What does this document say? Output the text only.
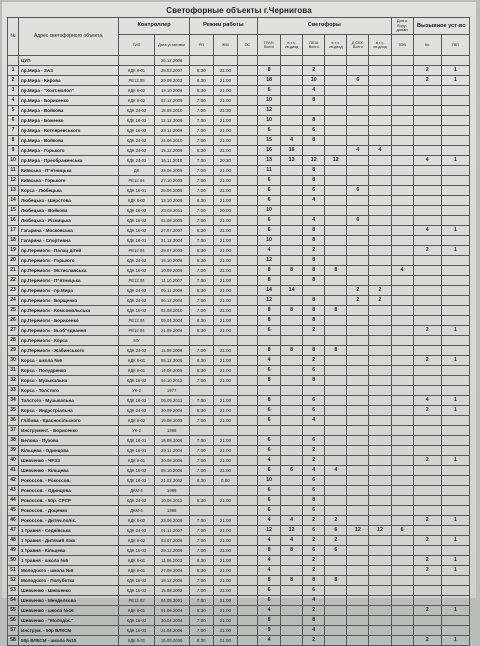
Светофорные объекты г.Чернигова
№	Адрес светофорного объекта.	Контроллер		Режим работы			Светофоры						Доп.о бору- дован	Вызывное уст-во	
		ТИП	Дата установки	РП	ЖМ	ОС	ТРАН. Всего	в т.ч. св.диод	ПЕШ Всего	в т.ч. св.диод	Д.СЕК. Всего	в т.ч. св.диод	ТОВ	Кн	ТВП
	ЦУП		26.12.2008												
1	пр.Мира - ЗАЗ	КДК 8-01	28.03.2007	6:30	21:00		8		2					2	1
2	пр.Мира - Кирова	РЕ12.05	29.09.2003	6:30	21:00		18		10		6			2	1
3	пр.Мира - "Хозт.молол"	КДК 8-02	13.10.2008	6:30	21:00		6		4						
4	пр.Мира - Борисенко	КДК 8-02	02.12.2009	7:00	21:00		10		8						
5	пр.Мира - Войкова	КДК 24-02	18.05.2010	7:00	21:30		12								
6	пр.Мира - Боженко	КДК 16-02	12.12.2009	7:00	21:00		10		8						
7	пр.Мира - Котляревського	КДК 16-02	23.11.2009	7:00	21:00		6		6						
8	пр.Мира - Войкова	КДК 24-02	24.06.2010	7:00	21:00		15	4	8						
9	пр.Мира - Горького	КДК 24-02	15.12.2009	6:30	21:00		16	16			4	4			
10	пр.Мира - Преображенська	КДК 24-02	16.11.2010	7:00	20:30		13	13	12	12				4	1
11	Київська - П"ятницька	ДК	23.06.2005	7:00	21:00		11		8						
12	Київська - Горького	РЕ12.04	27.10.2003	7:00	21:00		6		8						
13	Корса - Любецька	КДК 16-01	25.06.2005	7:00	21:00		6		6		6				
14	Любецька - Шерстова	КДК 8-02	13.10.2008	6:30	21:00		6		4						
15	Любецька - Войкова	КДК 16-02	23.03.2011	7:00	20:00		10								
16	Любецька - Рiзницька	КДК 16-02	02.08.2005	7:00	21:00		6		4		6				
17	Гагарина - Московська	КДК 16-02	27.07.2007	6:30	21:00		6		8					4	1
18	Гагарина - Спортивна	КДК 16-01	31.12.2004	7:00	21:00		10		8						
19	пр.Перемоги - Палац дiтей	РЕ12.04	28.07.2003	6:30	21:00		4		2					2	1
20	пр.Перемоги - Горького	КДК 24-02	15.10.2008	6:30	21:00		12		8						
21	пр.Перемоги - Мстиславська	КДК 16-02	10.09.2009	7:00	21:00		8	8	8	8			4		
22	пр.Перемоги - П"ятницька	РЕ12.04	11.10.2007	7:00	21:00		8		8						
23	пр.Перемоги - пр.Мира	КДК 24-02	05.11.2008	6:30	21:00		14	14			2	2			
24	пр.Перемоги - Борщенко	КДК 24-02	06.12.2004	7:00	21:00		12		8		2	2			
25	пр.Перемоги - Комсомольська	КДК 16-02	02.08.2010	7:00	21:00		8	8	8	8					
26	пр.Перемоги - Борисенко	РЕ12.04	09.04.2004	6:30	21:00		8		8						
27	пр.Перемоги - Ів.об"єднання	РЕ12.04	21.05.2004	6:30	21:00		6		2					2	1
28	пр.Перемоги - Корса	МУ													
29	пр.Перемоги - Жабинського	КДК 24-02	11.09.2008	7:00	21:00		8	8	8	8					
30	Корса - школа №6	КДК 8-01	05.12.2005	6:30	21:00		4		2					2	1
31	Корса - Полудренко	КДК 8-01	14.04.2005	6:30	21:00		6		6						
32	Корса - Музыкальна	КДК 16-02	04.10.2012	7:00	21:00		8		8						
33	Корса - Толстого	УК-2	1977												
34	Толстого - Музыкальна	КДК 16-02	05.05.2011	7:00	21:00		8		6					4	1
35	Корса - Индустрiальна	КДК 24-02	30.09.2004	6:30	21:00		6		6					2	1
36	Глiбова - Красносiльского	КДК 8-02	19.08.2003	7:00	21:00		6		4						
37	Инструмент. - Борисенко	УК-2	1988												
38	Белова - Пухова	КДК 16-01	16.08.2006	7:00	21:00		6		6						
39	Кільцева - Одинцова	КДК 16-01	29.11.2004	7:00	21:00		6		2						
40	Шевченко - ЧРЗЗ	КДК 8-01	30.08.2006	7:00	21:00		4		2					2	1
41	Шевченко - Кільцева	КДК 16-02	08.10.2008	7:00	21:00		6	6	4	4					
42	Рокоссов. - Рокоссов.	КДК 16-02	21.02.2002	6:30	0:00		10		6						
43	Рокоссов. - Одинцова	ДКМ-4	1989				6		6						
44	Рокоссов. - 50р. СРСР	КДК 24-02	10.06.2012	6:30	21:00		6		8						
45	Рокоссов. - Доценко	ДКМ-4	1988				6		6						
46	Рокоссов. - Дитяч.полiк.	КДК 8-02	23.06.2008	7:00	21:00		4	4	2	2				2	1
47	1 травня - Седнiвська	КДК 24-02	01.11.2007	7:00	21:00		12	12	6	6	12	12	6		
48	1 травня - Дитячий ліжк	КДК 8-02	03.07.2008	7:00	21:00		4	4	2	2				2	1
49	1 травня - Кільцева	КДК 16-02	29.12.2009	7:00	21:00		8	8	6	6					
50	1 травня - школа №5	КДК 8-01	11.06.2003	6:30	21:00		4		2					2	1
51	Молодчого - школа №9	КДК 8-01	27.08.2004	6:30	21:00		4		2					2	1
52	Молодчого - Полуботка	КДК 16-02	18.12.2008	7:00	21:00		8	8	8	8					
53	Шевченко - Шевченко	КДК 16-02	15.08.2002	7:00	21:00		6		6						
54	Шевченко - Менделєєва	РЕ12.02	04.05.2001	7:00	21:00		6		4						
55	Шевченко - школа №16	КДК 8-01	01.06.2004	6:30	21:00		4		2					2	1
56	Шевченко - "Молодiж."	КДК 16-02	30.04.2004	7:00	21:00		8		8						
57	Инструм. - 50р ВЛКСМ	КДК 16-03	21.04.2006	7:00	21:00		9		4						
58	50р ВЛКСМ - школа №15	КДК 8-01	15.03.2006	6:30	21:00		4		2					2	1
